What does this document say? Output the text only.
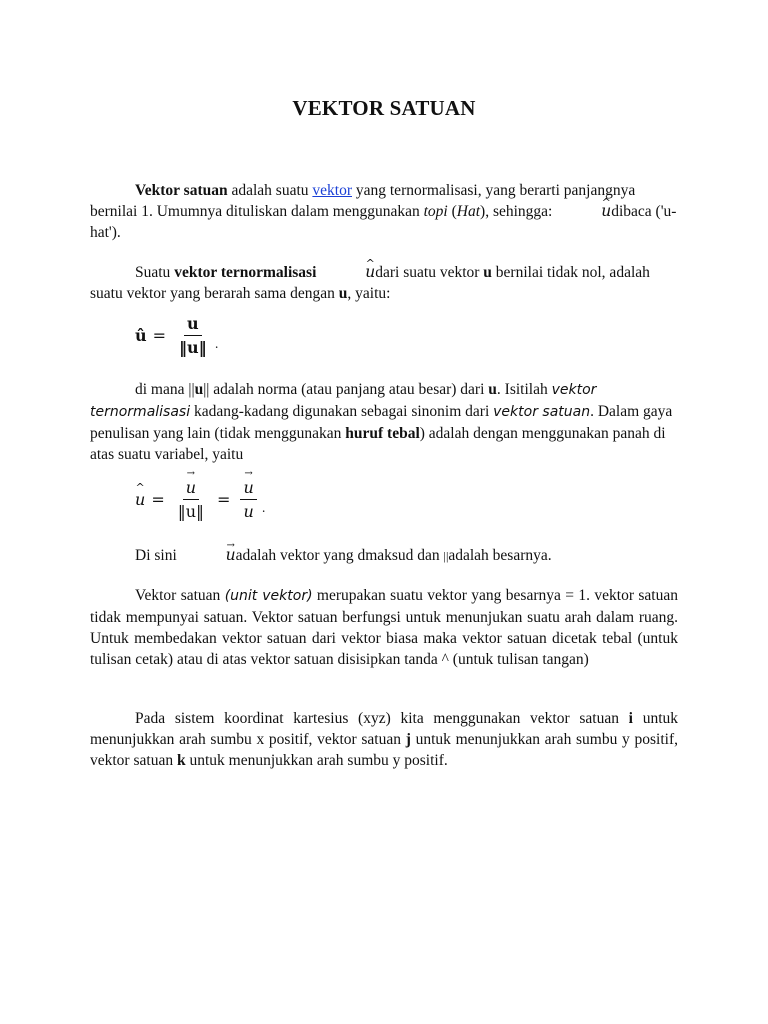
VEKTOR SATUAN

Vektor satuan adalah suatu vektor yang ternormalisasi, yang berarti panjangnya bernilai 1. Umumnya dituliskan dalam menggunakan topi (Hat), sehingga:	^ udibaca ('u-hat').

Suatu vektor ternormalisasi	^ udari suatu vektor u bernilai tidak nol, adalah suatu vektor yang berarah sama dengan u, yaitu:

û = $\frac{u}{‖u‖}$ .

di mana ||u|| adalah norma (atau panjang atau besar) dari u. Isitilah vektor ternormalisasi kadang-kadang digunakan sebagai sinonim dari vektor satuan. Dalam gaya penulisan yang lain (tidak menggunakan huruf tebal) adalah dengan menggunakan panah di atas suatu variabel, yaitu

^ u = → $\frac{u}{‖u‖}$ = → $\frac{u}{u}$ .

Di sini	→ uadalah vektor yang dmaksud dan ||adalah besarnya.

Vektor satuan (unit vektor) merupakan suatu vektor yang besarnya = 1. vektor satuan tidak mempunyai satuan. Vektor satuan berfungsi untuk menunjukan suatu arah dalam ruang. Untuk membedakan vektor satuan dari vektor biasa maka vektor satuan dicetak tebal (untuk tulisan cetak) atau di atas vektor satuan disisipkan tanda ^ (untuk tulisan tangan)

Pada sistem koordinat kartesius (xyz) kita menggunakan vektor satuan i untuk menunjukkan arah sumbu x positif, vektor satuan j untuk menunjukkan arah sumbu y positif, vektor satuan k untuk menunjukkan arah sumbu y positif.
